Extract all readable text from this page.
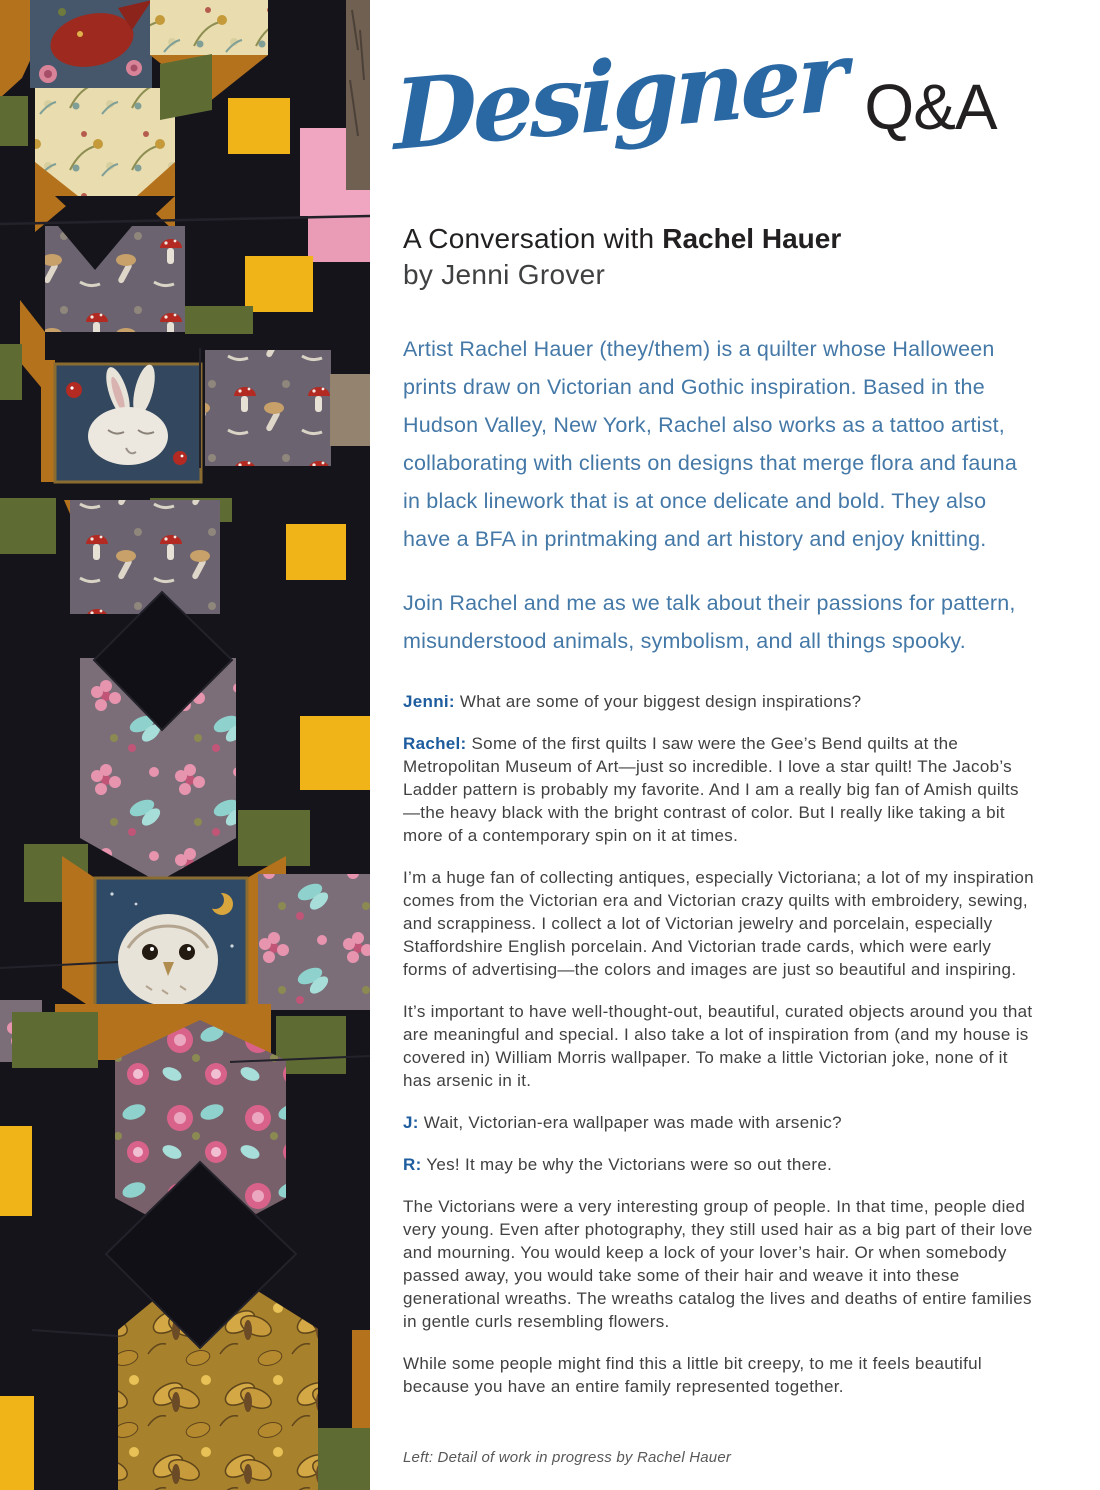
Designer Q&A
A Conversation with Rachel Hauer
by Jenni Grover

Artist Rachel Hauer (they/them) is a quilter whose Halloween prints draw on Victorian and Gothic inspiration. Based in the Hudson Valley, New York, Rachel also works as a tattoo artist, collaborating with clients on designs that merge flora and fauna in black linework that is at once delicate and bold. They also have a BFA in printmaking and art history and enjoy knitting.

Join Rachel and me as we talk about their passions for pattern, misunderstood animals, symbolism, and all things spooky.

Jenni: What are some of your biggest design inspirations?

Rachel: Some of the first quilts I saw were the Gee’s Bend quilts at the Metropolitan Museum of Art—just so incredible. I love a star quilt! The Jacob’s Ladder pattern is probably my favorite. And I am a really big fan of Amish quilts—the heavy black with the bright contrast of color. But I really like taking a bit more of a contemporary spin on it at times.

I’m a huge fan of collecting antiques, especially Victoriana; a lot of my inspiration comes from the Victorian era and Victorian crazy quilts with embroidery, sewing, and scrappiness. I collect a lot of Victorian jewelry and porcelain, especially Staffordshire English porcelain. And Victorian trade cards, which were early forms of advertising—the colors and images are just so beautiful and inspiring.

It’s important to have well-thought-out, beautiful, curated objects around you that are meaningful and special. I also take a lot of inspiration from (and my house is covered in) William Morris wallpaper. To make a little Victorian joke, none of it has arsenic in it.

J: Wait, Victorian-era wallpaper was made with arsenic?

R: Yes! It may be why the Victorians were so out there.

The Victorians were a very interesting group of people. In that time, people died very young. Even after photography, they still used hair as a big part of their love and mourning. You would keep a lock of your lover’s hair. Or when somebody passed away, you would take some of their hair and weave it into these generational wreaths. The wreaths catalog the lives and deaths of entire families in gentle curls resembling flowers.

While some people might find this a little bit creepy, to me it feels beautiful because you have an entire family represented together.

Left: Detail of work in progress by Rachel Hauer
